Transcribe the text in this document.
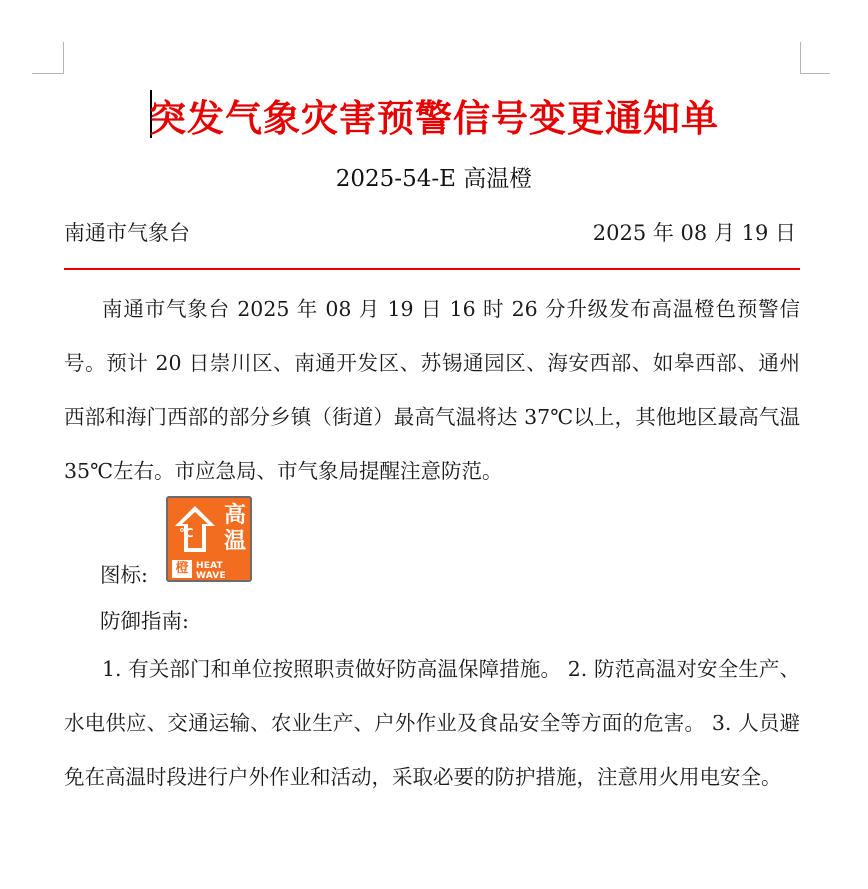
突发气象灾害预警信号变更通知单
2025-54-E 高温橙
南通市气象台	2025 年 08 月 19 日

南通市气象台 2025 年 08 月 19 日 16 时 26 分升级发布高温橙色预警信号。预计 20 日崇川区、南通开发区、苏锡通园区、海安西部、如皋西部、通州西部和海门西部的部分乡镇（街道）最高气温将达 37℃以上，其他地区最高气温 35℃左右。市应急局、市气象局提醒注意防范。

图标:
℃
高
温
橙 HEAT WAVE
防御指南:

1. 有关部门和单位按照职责做好防高温保障措施。 2. 防范高温对安全生产、水电供应、交通运输、农业生产、户外作业及食品安全等方面的危害。 3. 人员避免在高温时段进行户外作业和活动，采取必要的防护措施，注意用火用电安全。
